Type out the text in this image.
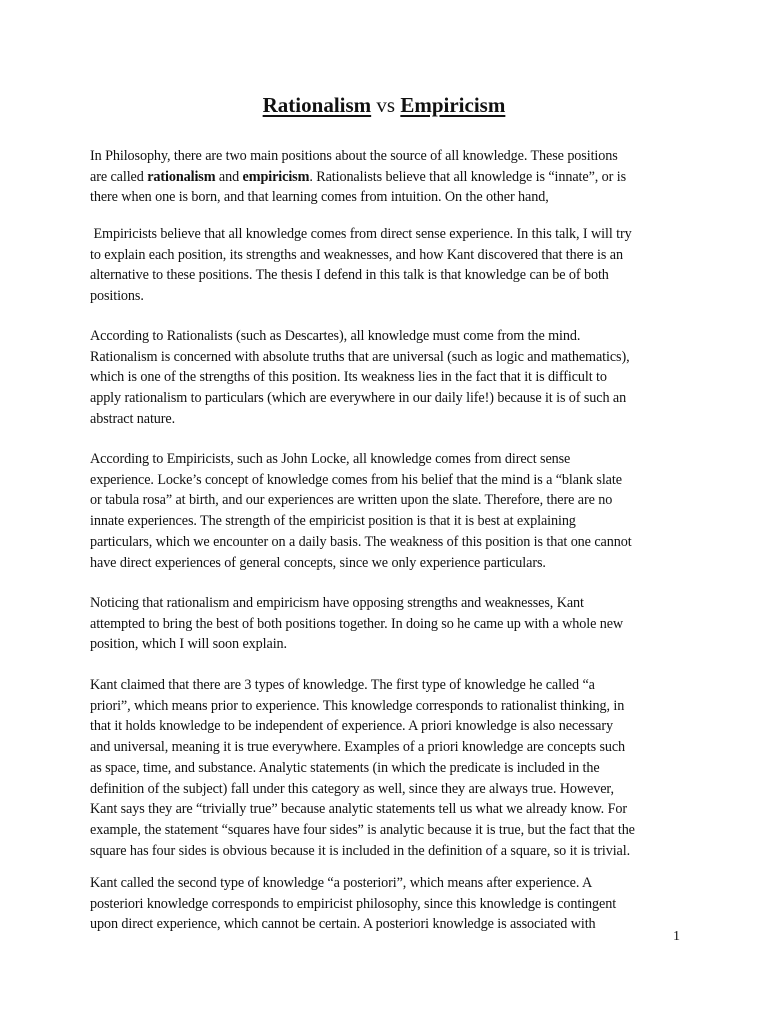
Rationalism vs Empiricism
In Philosophy, there are two main positions about the source of all knowledge. These positions
are called rationalism and empiricism. Rationalists believe that all knowledge is “innate”, or is
there when one is born, and that learning comes from intuition. On the other hand,
Empiricists believe that all knowledge comes from direct sense experience. In this talk, I will try
to explain each position, its strengths and weaknesses, and how Kant discovered that there is an
alternative to these positions. The thesis I defend in this talk is that knowledge can be of both
positions.
According to Rationalists (such as Descartes), all knowledge must come from the mind.
Rationalism is concerned with absolute truths that are universal (such as logic and mathematics),
which is one of the strengths of this position. Its weakness lies in the fact that it is difficult to
apply rationalism to particulars (which are everywhere in our daily life!) because it is of such an
abstract nature.
According to Empiricists, such as John Locke, all knowledge comes from direct sense
experience. Locke’s concept of knowledge comes from his belief that the mind is a “blank slate
or tabula rosa” at birth, and our experiences are written upon the slate. Therefore, there are no
innate experiences. The strength of the empiricist position is that it is best at explaining
particulars, which we encounter on a daily basis. The weakness of this position is that one cannot
have direct experiences of general concepts, since we only experience particulars.
Noticing that rationalism and empiricism have opposing strengths and weaknesses, Kant
attempted to bring the best of both positions together. In doing so he came up with a whole new
position, which I will soon explain.
Kant claimed that there are 3 types of knowledge. The first type of knowledge he called “a
priori”, which means prior to experience. This knowledge corresponds to rationalist thinking, in
that it holds knowledge to be independent of experience. A priori knowledge is also necessary
and universal, meaning it is true everywhere. Examples of a priori knowledge are concepts such
as space, time, and substance. Analytic statements (in which the predicate is included in the
definition of the subject) fall under this category as well, since they are always true. However,
Kant says they are “trivially true” because analytic statements tell us what we already know. For
example, the statement “squares have four sides” is analytic because it is true, but the fact that the
square has four sides is obvious because it is included in the definition of a square, so it is trivial.
Kant called the second type of knowledge “a posteriori”, which means after experience. A
posteriori knowledge corresponds to empiricist philosophy, since this knowledge is contingent
upon direct experience, which cannot be certain. A posteriori knowledge is associated with
1
